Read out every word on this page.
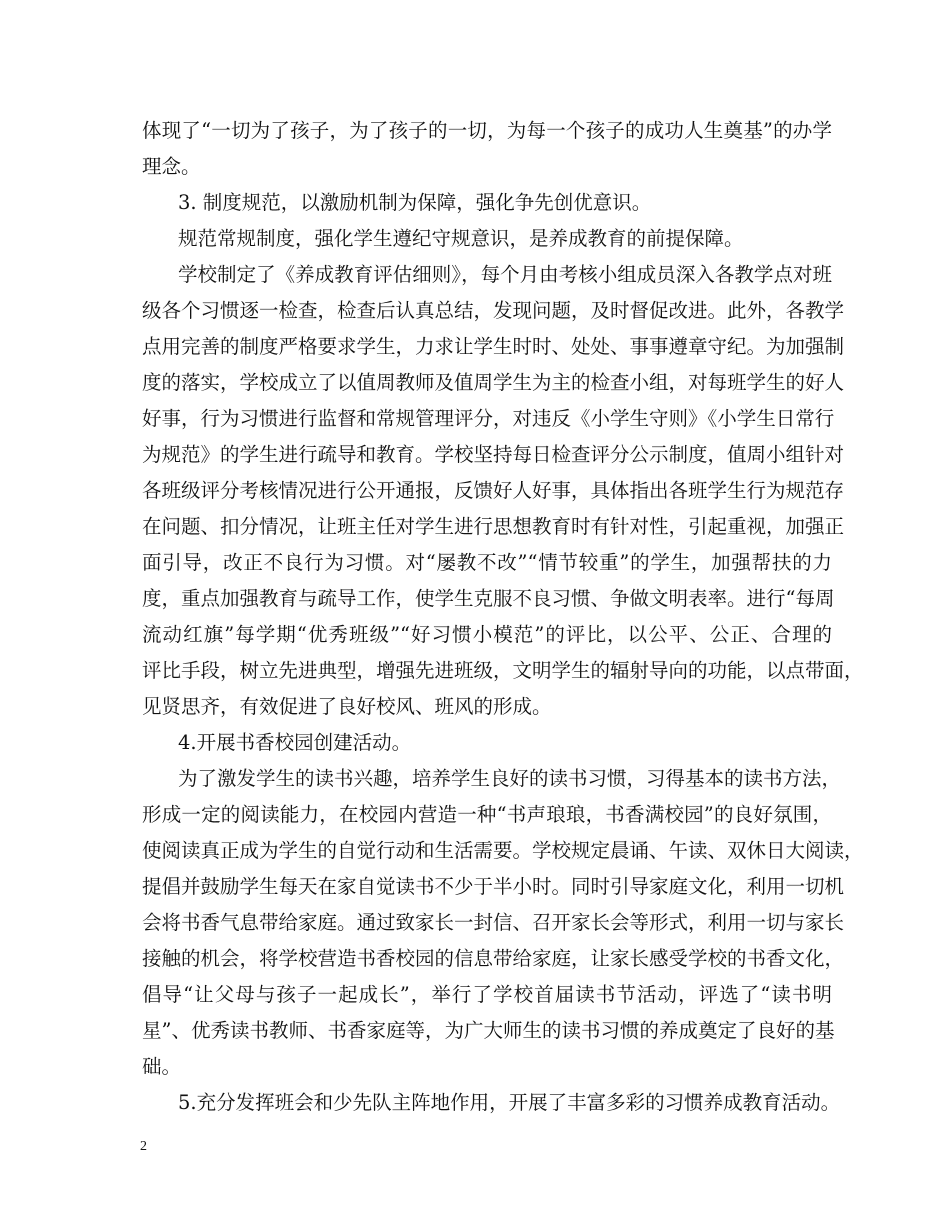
体现了“一切为了孩子，为了孩子的一切，为每一个孩子的成功人生奠基”的办学
理念。
3. 制度规范，以激励机制为保障，强化争先创优意识。
规范常规制度，强化学生遵纪守规意识，是养成教育的前提保障。
学校制定了《养成教育评估细则》，每个月由考核小组成员深入各教学点对班
级各个习惯逐一检查，检查后认真总结，发现问题，及时督促改进。此外，各教学
点用完善的制度严格要求学生，力求让学生时时、处处、事事遵章守纪。为加强制
度的落实，学校成立了以值周教师及值周学生为主的检查小组，对每班学生的好人
好事，行为习惯进行监督和常规管理评分，对违反《小学生守则》《小学生日常行
为规范》的学生进行疏导和教育。学校坚持每日检查评分公示制度，值周小组针对
各班级评分考核情况进行公开通报，反馈好人好事，具体指出各班学生行为规范存
在问题、扣分情况，让班主任对学生进行思想教育时有针对性，引起重视，加强正
面引导，改正不良行为习惯。对“屡教不改”“情节较重”的学生，加强帮扶的力
度，重点加强教育与疏导工作，使学生克服不良习惯、争做文明表率。进行“每周
流动红旗”每学期“优秀班级”“好习惯小模范”的评比，以公平、公正、合理的
评比手段，树立先进典型，增强先进班级，文明学生的辐射导向的功能，以点带面，
见贤思齐，有效促进了良好校风、班风的形成。
4.开展书香校园创建活动。
为了激发学生的读书兴趣，培养学生良好的读书习惯，习得基本的读书方法，
形成一定的阅读能力，在校园内营造一种“书声琅琅，书香满校园”的良好氛围，
使阅读真正成为学生的自觉行动和生活需要。学校规定晨诵、午读、双休日大阅读，
提倡并鼓励学生每天在家自觉读书不少于半小时。同时引导家庭文化，利用一切机
会将书香气息带给家庭。通过致家长一封信、召开家长会等形式，利用一切与家长
接触的机会，将学校营造书香校园的信息带给家庭，让家长感受学校的书香文化，
倡导“让父母与孩子一起成长”，举行了学校首届读书节活动，评选了“读书明
星”、优秀读书教师、书香家庭等，为广大师生的读书习惯的养成奠定了良好的基
础。
5.充分发挥班会和少先队主阵地作用，开展了丰富多彩的习惯养成教育活动。
2
